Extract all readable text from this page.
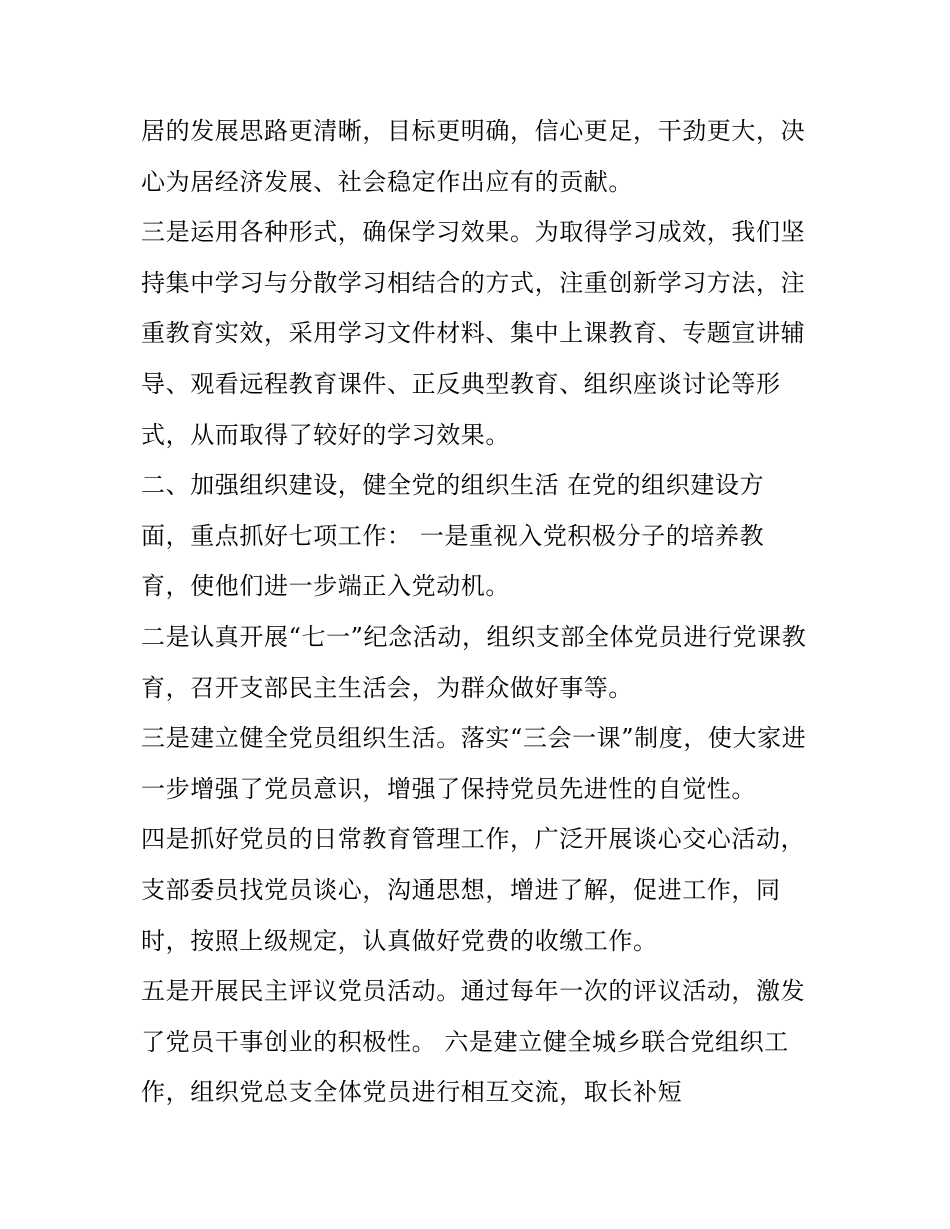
居的发展思路更清晰，目标更明确，信心更足，干劲更大，决
心为居经济发展、社会稳定作出应有的贡献。
三是运用各种形式，确保学习效果。为取得学习成效，我们坚
持集中学习与分散学习相结合的方式，注重创新学习方法，注
重教育实效，采用学习文件材料、集中上课教育、专题宣讲辅
导、观看远程教育课件、正反典型教育、组织座谈讨论等形
式，从而取得了较好的学习效果。
二、加强组织建设，健全党的组织生活 在党的组织建设方
面，重点抓好七项工作： 一是重视入党积极分子的培养教
育，使他们进一步端正入党动机。
二是认真开展“七一”纪念活动，组织支部全体党员进行党课教
育，召开支部民主生活会，为群众做好事等。
三是建立健全党员组织生活。落实“三会一课”制度，使大家进
一步增强了党员意识，增强了保持党员先进性的自觉性。
四是抓好党员的日常教育管理工作，广泛开展谈心交心活动，
支部委员找党员谈心，沟通思想，增进了解，促进工作，同
时，按照上级规定，认真做好党费的收缴工作。
五是开展民主评议党员活动。通过每年一次的评议活动，激发
了党员干事创业的积极性。 六是建立健全城乡联合党组织工
作，组织党总支全体党员进行相互交流，取长补短
